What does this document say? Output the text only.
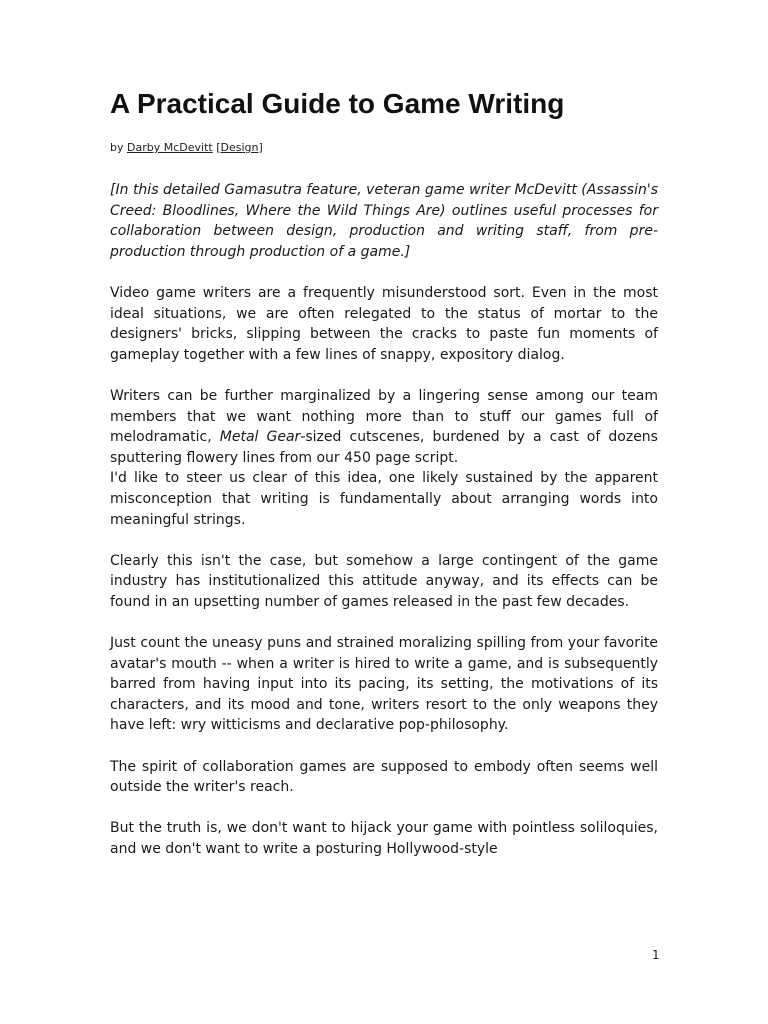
A Practical Guide to Game Writing
by Darby McDevitt [Design]

[In this detailed Gamasutra feature, veteran game writer McDevitt (Assassin's Creed: Bloodlines, Where the Wild Things Are) outlines useful processes for collaboration between design, production and writing staff, from pre-production through production of a game.]

Video game writers are a frequently misunderstood sort. Even in the most ideal situations, we are often relegated to the status of mortar to the designers' bricks, slipping between the cracks to paste fun moments of gameplay together with a few lines of snappy, expository dialog.

Writers can be further marginalized by a lingering sense among our team members that we want nothing more than to stuff our games full of melodramatic, Metal Gear-sized cutscenes, burdened by a cast of dozens sputtering flowery lines from our 450 page script.

I'd like to steer us clear of this idea, one likely sustained by the apparent misconception that writing is fundamentally about arranging words into meaningful strings.

Clearly this isn't the case, but somehow a large contingent of the game industry has institutionalized this attitude anyway, and its effects can be found in an upsetting number of games released in the past few decades.

Just count the uneasy puns and strained moralizing spilling from your favorite avatar's mouth -- when a writer is hired to write a game, and is subsequently barred from having input into its pacing, its setting, the motivations of its characters, and its mood and tone, writers resort to the only weapons they have left: wry witticisms and declarative pop-philosophy.

The spirit of collaboration games are supposed to embody often seems well outside the writer's reach.

But the truth is, we don't want to hijack your game with pointless soliloquies, and we don't want to write a posturing Hollywood-style

1
